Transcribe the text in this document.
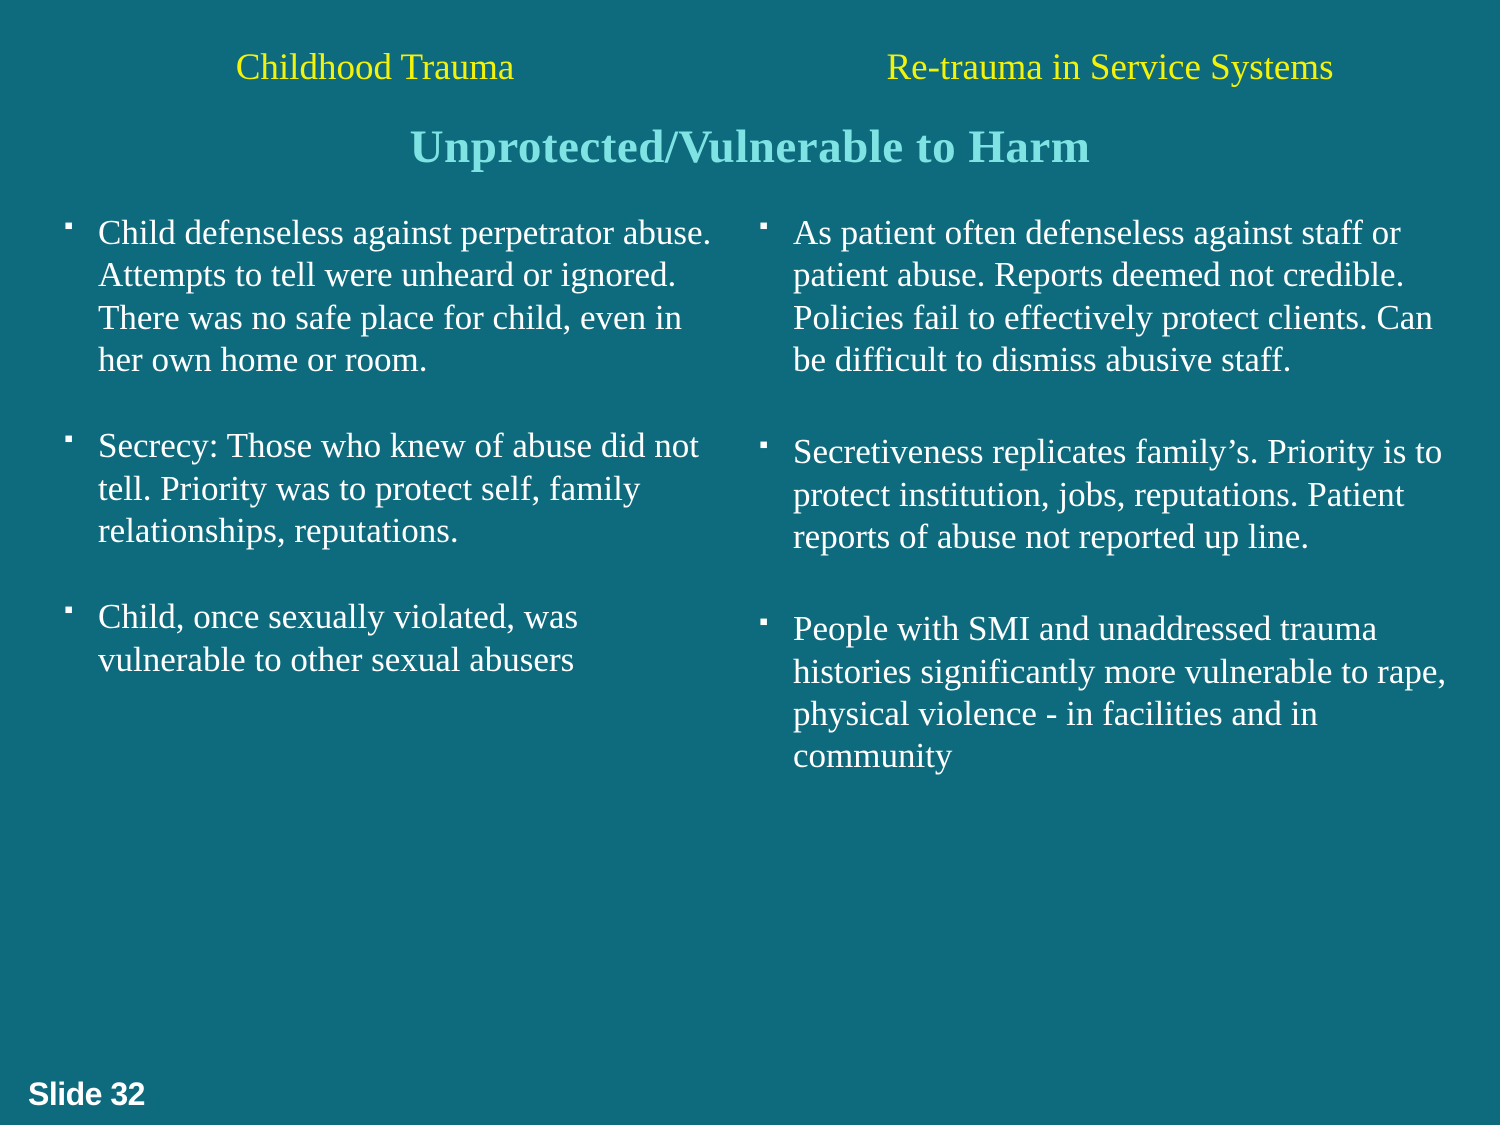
Childhood Trauma	Re-trauma in Service Systems
Unprotected/Vulnerable to Harm
▪ Child defenseless against perpetrator abuse. Attempts to tell were unheard or ignored. There was no safe place for child, even in her own home or room.
▪ Secrecy: Those who knew of abuse did not tell. Priority was to protect self, family relationships, reputations.
▪ Child, once sexually violated, was vulnerable to other sexual abusers
▪ As patient often defenseless against staff or patient abuse. Reports deemed not credible. Policies fail to effectively protect clients. Can be difficult to dismiss abusive staff.
▪ Secretiveness replicates family’s. Priority is to protect institution, jobs, reputations. Patient reports of abuse not reported up line.
▪ People with SMI and unaddressed trauma histories significantly more vulnerable to rape, physical violence - in facilities and in community
Slide 32
